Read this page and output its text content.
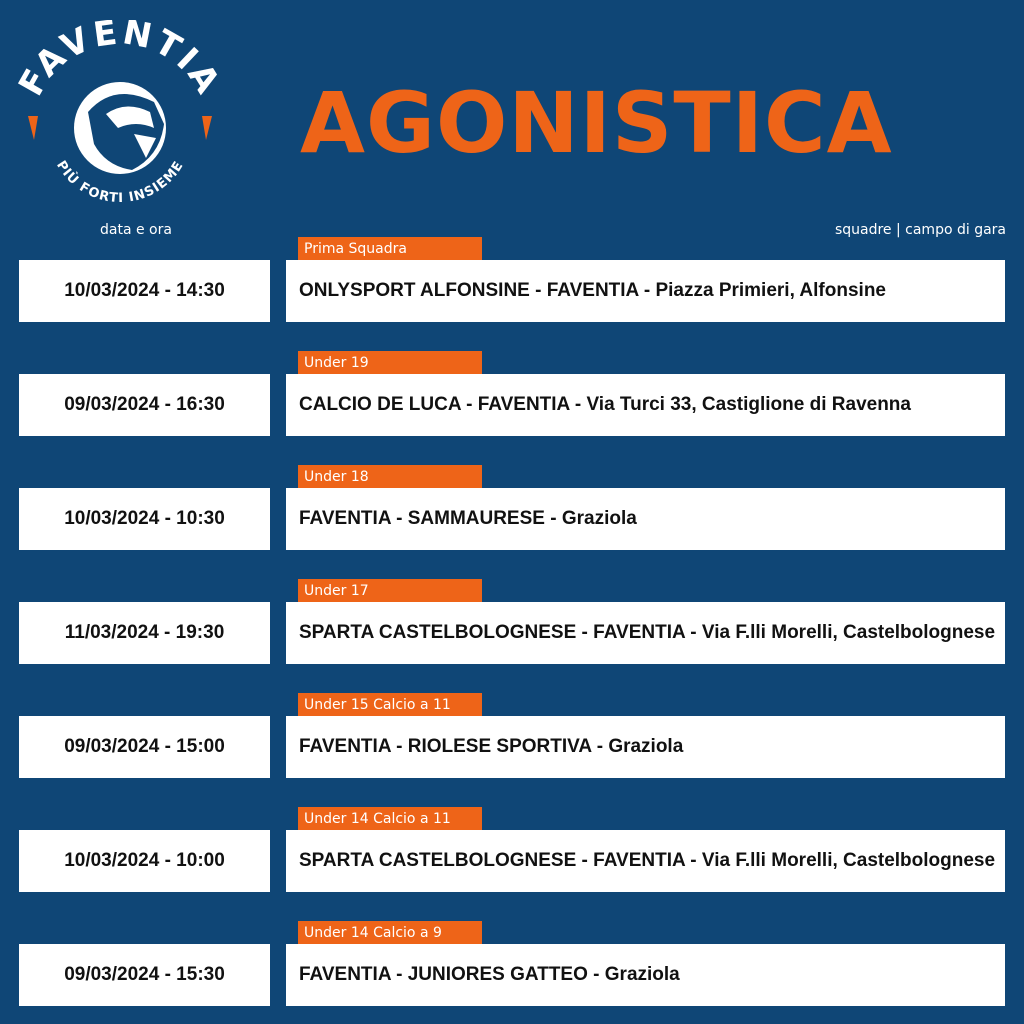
FAVENTIA
PIÙ FORTI INSIEME AGONISTICA
data e ora	squadre | campo di gara
Prima Squadra
10/03/2024 - 14:30	ONLYSPORT ALFONSINE - FAVENTIA - Piazza Primieri, Alfonsine
Under 19
09/03/2024 - 16:30	CALCIO DE LUCA - FAVENTIA - Via Turci 33, Castiglione di Ravenna
Under 18
10/03/2024 - 10:30	FAVENTIA - SAMMAURESE - Graziola
Under 17
11/03/2024 - 19:30	SPARTA CASTELBOLOGNESE - FAVENTIA - Via F.lli Morelli, Castelbolognese
Under 15 Calcio a 11
09/03/2024 - 15:00	FAVENTIA - RIOLESE SPORTIVA - Graziola
Under 14 Calcio a 11
10/03/2024 - 10:00	SPARTA CASTELBOLOGNESE - FAVENTIA - Via F.lli Morelli, Castelbolognese
Under 14 Calcio a 9
09/03/2024 - 15:30	FAVENTIA - JUNIORES GATTEO - Graziola
